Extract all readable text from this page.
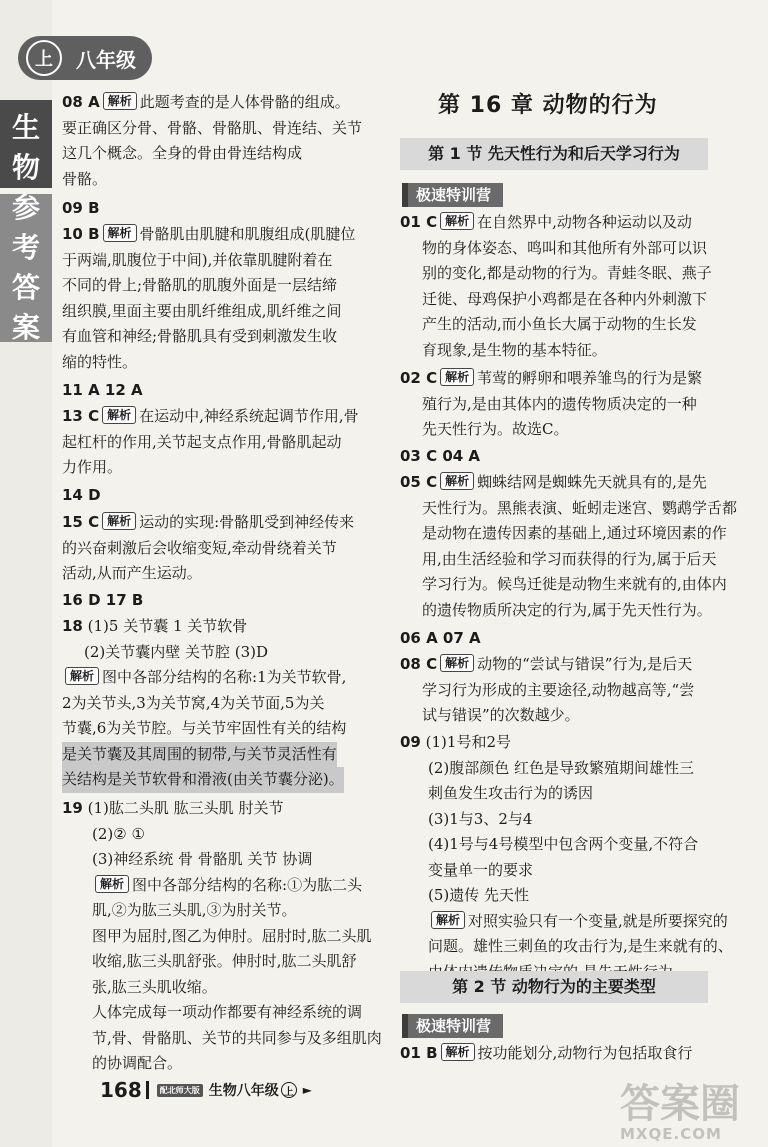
生
物
参
考
答
案
上	八年级
08 A 解析 此题考查的是人体骨骼的组成。
要正确区分骨、骨骼、骨骼肌、骨连结、关节
这几个概念。全身的骨由骨连结构成
骨骼。
09 B
10 B 解析 骨骼肌由肌腱和肌腹组成(肌腱位
于两端,肌腹位于中间),并依靠肌腱附着在
不同的骨上;骨骼肌的肌腹外面是一层结缔
组织膜,里面主要由肌纤维组成,肌纤维之间
有血管和神经;骨骼肌具有受到刺激发生收
缩的特性。
11 A 12 A
13 C 解析 在运动中,神经系统起调节作用,骨
起杠杆的作用,关节起支点作用,骨骼肌起动
力作用。
14 D
15 C 解析 运动的实现:骨骼肌受到神经传来
的兴奋刺激后会收缩变短,牵动骨绕着关节
活动,从而产生运动。
16 D 17 B
18 (1)5 关节囊 1 关节软骨
(2)关节囊内壁 关节腔 (3)D
解析 图中各部分结构的名称:1为关节软骨,
2为关节头,3为关节窝,4为关节面,5为关
节囊,6为关节腔。与关节牢固性有关的结构
是关节囊及其周围的韧带,与关节灵活性有
关结构是关节软骨和滑液(由关节囊分泌)。
19 (1)肱二头肌 肱三头肌 肘关节
(2)② ①
(3)神经系统 骨 骨骼肌 关节 协调
解析 图中各部分结构的名称:①为肱二头
肌,②为肱三头肌,③为肘关节。
图甲为屈肘,图乙为伸肘。屈肘时,肱二头肌
收缩,肱三头肌舒张。伸肘时,肱二头肌舒
张,肱三头肌收缩。
人体完成每一项动作都要有神经系统的调
节,骨、骨骼肌、关节的共同参与及多组肌肉
的协调配合。
第 16 章 动物的行为
第 1 节 先天性行为和后天学习行为
极速特训营
01 C 解析 在自然界中,动物各种运动以及动
物的身体姿态、鸣叫和其他所有外部可以识
别的变化,都是动物的行为。青蛙冬眠、燕子
迁徙、母鸡保护小鸡都是在各种内外刺激下
产生的活动,而小鱼长大属于动物的生长发
育现象,是生物的基本特征。
02 C 解析 苇莺的孵卵和喂养雏鸟的行为是繁
殖行为,是由其体内的遗传物质决定的一种
先天性行为。故选C。
03 C 04 A
05 C 解析 蜘蛛结网是蜘蛛先天就具有的,是先
天性行为。黑熊表演、蚯蚓走迷宫、鹦鹉学舌都
是动物在遗传因素的基础上,通过环境因素的作
用,由生活经验和学习而获得的行为,属于后天
学习行为。候鸟迁徙是动物生来就有的,由体内
的遗传物质所决定的行为,属于先天性行为。
06 A 07 A
08 C 解析 动物的“尝试与错误”行为,是后天
学习行为形成的主要途径,动物越高等,“尝
试与错误”的次数越少。
09 (1)1号和2号
(2)腹部颜色 红色是导致繁殖期间雄性三
刺鱼发生攻击行为的诱因
(3)1与3、2与4
(4)1号与4号模型中包含两个变量,不符合
变量单一的要求
(5)遗传 先天性
解析 对照实验只有一个变量,就是所要探究的
问题。雄性三刺鱼的攻击行为,是生来就有的、
第 2 节 动物行为的主要类型
极速特训营
01 B 解析 按功能划分,动物行为包括取食行
168	配北师大版 生物八年级 上 ►	答案圈
MXQE.COM
